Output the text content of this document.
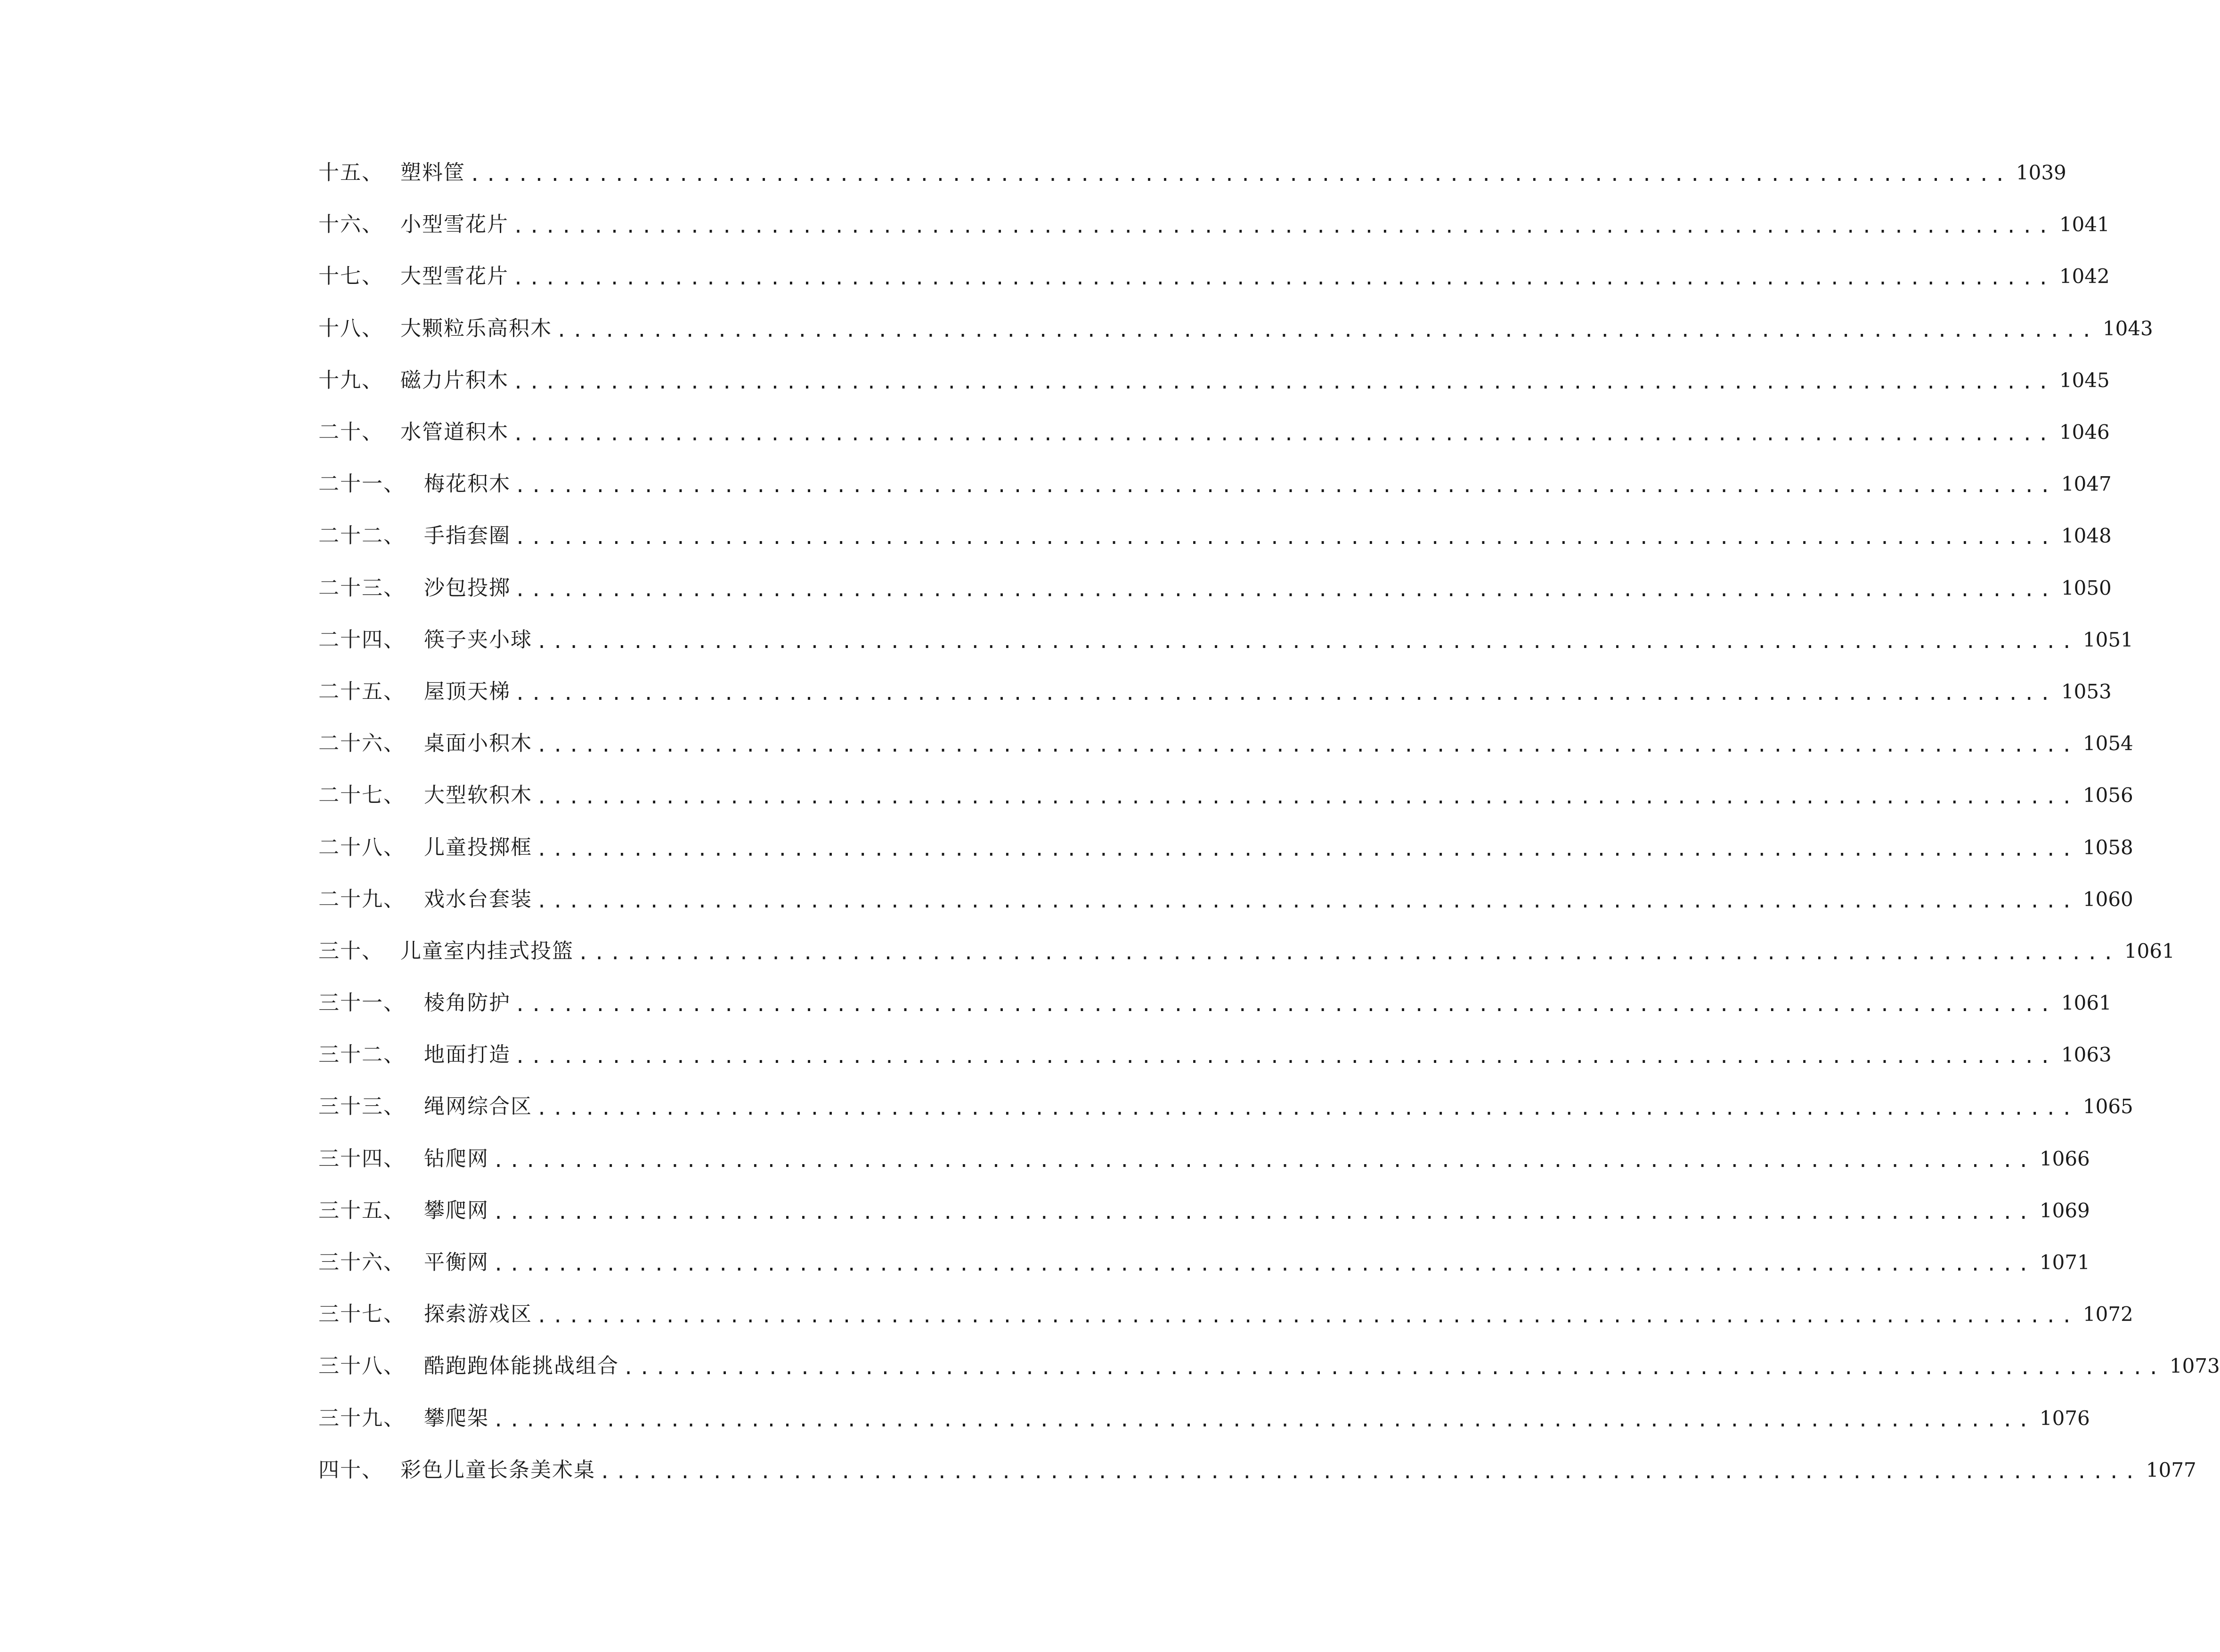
十五、 塑料筐 ................................................................................................ 1039
十六、 小型雪花片 ................................................................................................ 1041
十七、 大型雪花片 ................................................................................................ 1042
十八、 大颗粒乐高积木 ................................................................................................ 1043
十九、 磁力片积木 ................................................................................................ 1045
二十、 水管道积木 ................................................................................................ 1046
二十一、 梅花积木 ................................................................................................ 1047
二十二、 手指套圈 ................................................................................................ 1048
二十三、 沙包投掷 ................................................................................................ 1050
二十四、 筷子夹小球 ................................................................................................ 1051
二十五、 屋顶天梯 ................................................................................................ 1053
二十六、 桌面小积木 ................................................................................................ 1054
二十七、 大型软积木 ................................................................................................ 1056
二十八、 儿童投掷框 ................................................................................................ 1058
二十九、 戏水台套装 ................................................................................................ 1060
三十、 儿童室内挂式投篮 ................................................................................................ 1061
三十一、 棱角防护 ................................................................................................ 1061
三十二、 地面打造 ................................................................................................ 1063
三十三、 绳网综合区 ................................................................................................ 1065
三十四、 钻爬网 ................................................................................................ 1066
三十五、 攀爬网 ................................................................................................ 1069
三十六、 平衡网 ................................................................................................ 1071
三十七、 探索游戏区 ................................................................................................ 1072
三十八、 酷跑跑体能挑战组合 ................................................................................................ 1073
三十九、 攀爬架 ................................................................................................ 1076
四十、 彩色儿童长条美术桌 ................................................................................................ 1077
